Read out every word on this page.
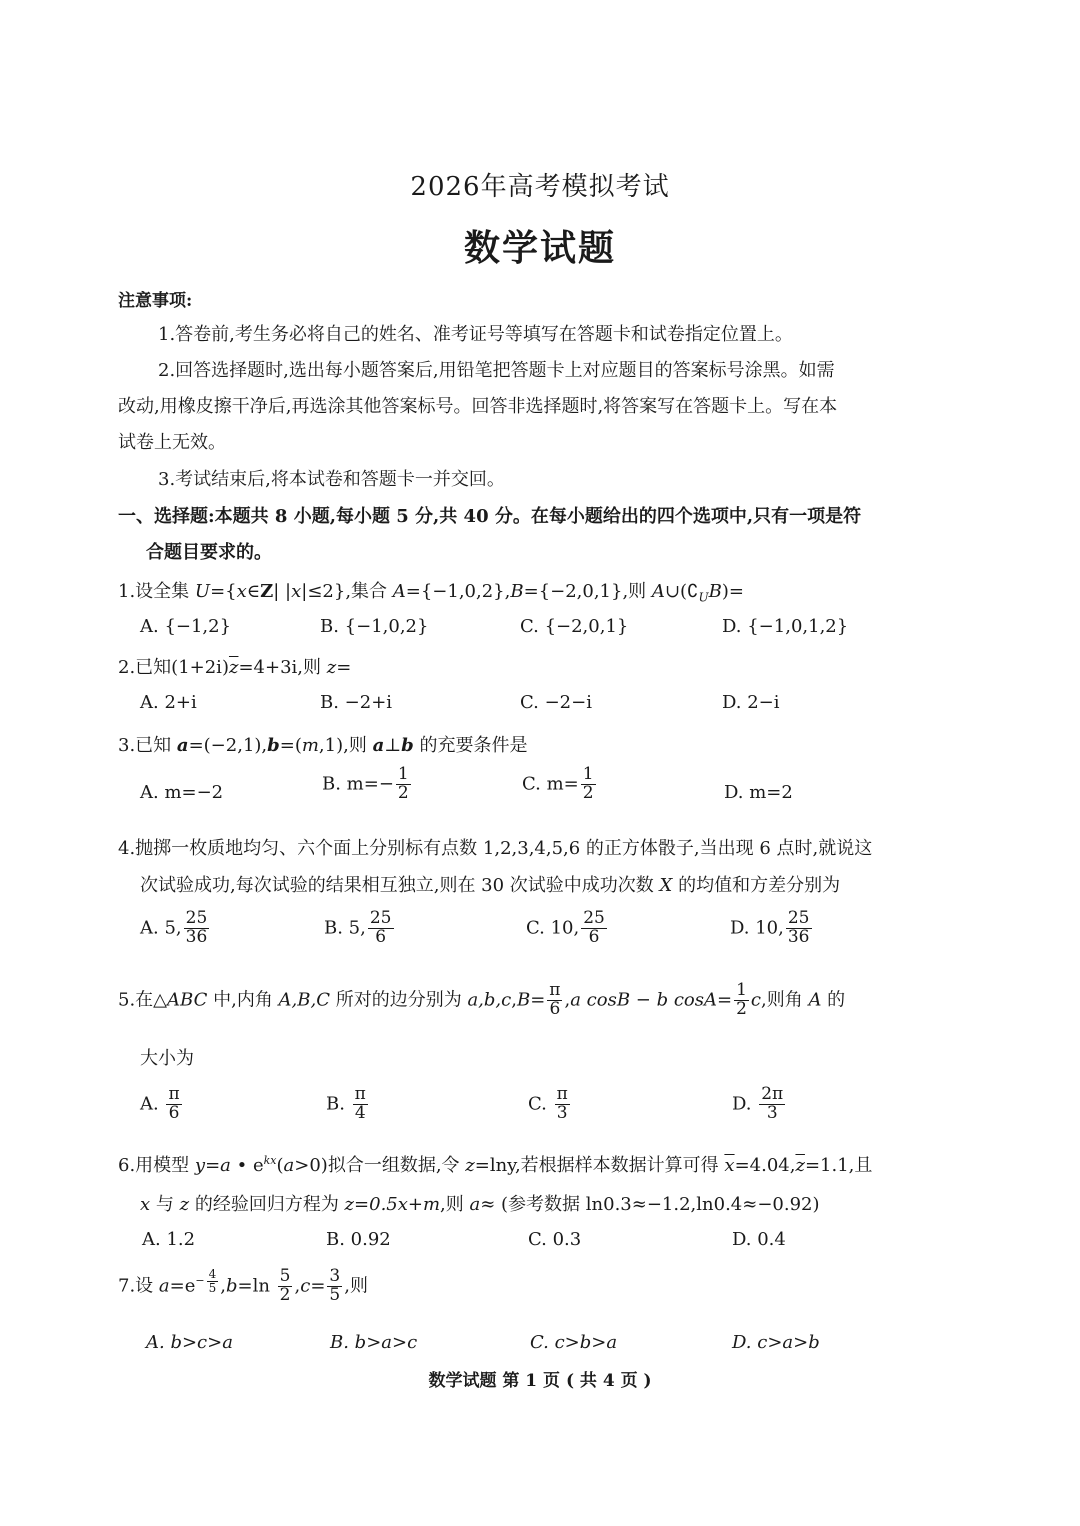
2026年高考模拟考试
数学试题
注意事项:
1.答卷前,考生务必将自己的姓名、准考证号等填写在答题卡和试卷指定位置上。
2.回答选择题时,选出每小题答案后,用铅笔把答题卡上对应题目的答案标号涂黑。如需
改动,用橡皮擦干净后,再选涂其他答案标号。回答非选择题时,将答案写在答题卡上。写在本
试卷上无效。
3.考试结束后,将本试卷和答题卡一并交回。
一、选择题:本题共 8 小题,每小题 5 分,共 40 分。在每小题给出的四个选项中,只有一项是符
合题目要求的。
1.设全集 U={x∈Z| |x|≤2},集合 A={−1,0,2},B={−2,0,1},则 $A\cup(∁_UB)=$
A. {−1,2}	B. {−1,0,2}	C. {−2,0,1}	D. {−1,0,1,2}
2.已知$(1+2i)\overline{z}=4+3i$,则 z=
A. 2+i	B. −2+i	C. −2−i	D. 2−i
3.已知 a=(−2,1),b=(m,1),则 a⊥b 的充要条件是
A. m=−2	B. $m=- \frac{1}{2}$	C. $m= \frac{1}{2}$	D. m=2
4.抛掷一枚质地均匀、六个面上分别标有点数 1,2,3,4,5,6 的正方体骰子,当出现 6 点时,就说这
次试验成功,每次试验的结果相互独立,则在 30 次试验中成功次数 X 的均值和方差分别为
A. 5, $\frac{25}{36}$	B. 5, $\frac{25}{6}$	C. 10, $\frac{25}{6}$	D. 10, $\frac{25}{36}$
5.在△ABC 中,内角 A,B,C 所对的边分别为 $a,b,c,B= \frac{\pi}{6} ,a$ cosB − b $\cos A= \frac{1}{2} c$,则角 A 的
大小为
A. $\frac{\pi}{6}$	B. $\frac{\pi}{4}$	C. $\frac{\pi}{3}$	D. $\frac{2\pi}{3}$
6.用模型 y=a • $e^{kx}(a>0)$拟合一组数据,令 z=lny,若根据样本数据计算可得 $\overline{x}=4.04,\overline{z}=1.1$,且
x 与 z 的经验回归方程为 z=0.5x+m,则 a≈ (参考数据 ln0.3≈−1.2,ln0.4≈−0.92)
A. 1.2	B. 0.92	C. 0.3	D. 0.4
7.设 $a=e^{- \frac{4}{5}}$ $,b=\ln \frac{5}{2} ,c= \frac{3}{5}$ ,则
A. b>c>a	B. b>a>c	C. c>b>a	D. c>a>b
数学试题 第 1 页 ( 共 4 页 )
